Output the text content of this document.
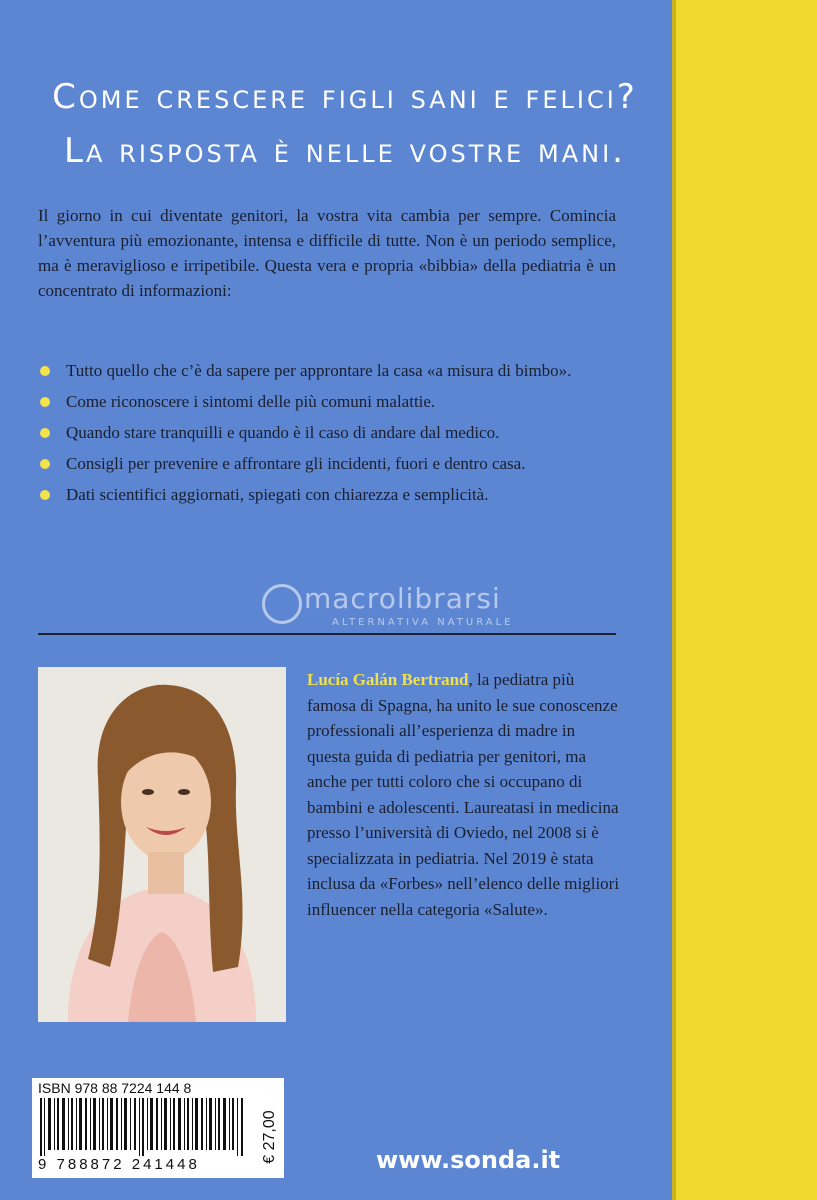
Come crescere figli sani e felici?
La risposta è nelle vostre mani.
Il giorno in cui diventate genitori, la vostra vita cambia per sempre. Comincia l’avventura più emozionante, intensa e difficile di tutte. Non è un periodo semplice, ma è meraviglioso e irripetibile. Questa vera e propria «bibbia» della pediatria è un concentrato di informazioni:
Tutto quello che c’è da sapere per approntare la casa «a misura di bimbo».
Come riconoscere i sintomi delle più comuni malattie.
Quando stare tranquilli e quando è il caso di andare dal medico.
Consigli per prevenire e affrontare gli incidenti, fuori e dentro casa.
Dati scientifici aggiornati, spiegati con chiarezza e semplicità.
macrolibrarsi
ALTERNATIVA NATURALE
Lucía Galán Bertrand, la pediatra più famosa di Spagna, ha unito le sue conoscenze professionali all’esperienza di madre in questa guida di pediatria per genitori, ma anche per tutti coloro che si occupano di bambini e adolescenti. Laureatasi in medicina presso l’università di Oviedo, nel 2008 si è specializzata in pediatria. Nel 2019 è stata inclusa da «Forbes» nell’elenco delle migliori influencer nella categoria «Salute».
ISBN 978 88 7224 144 8
9 788872 241448
€ 27,00	www.sonda.it
